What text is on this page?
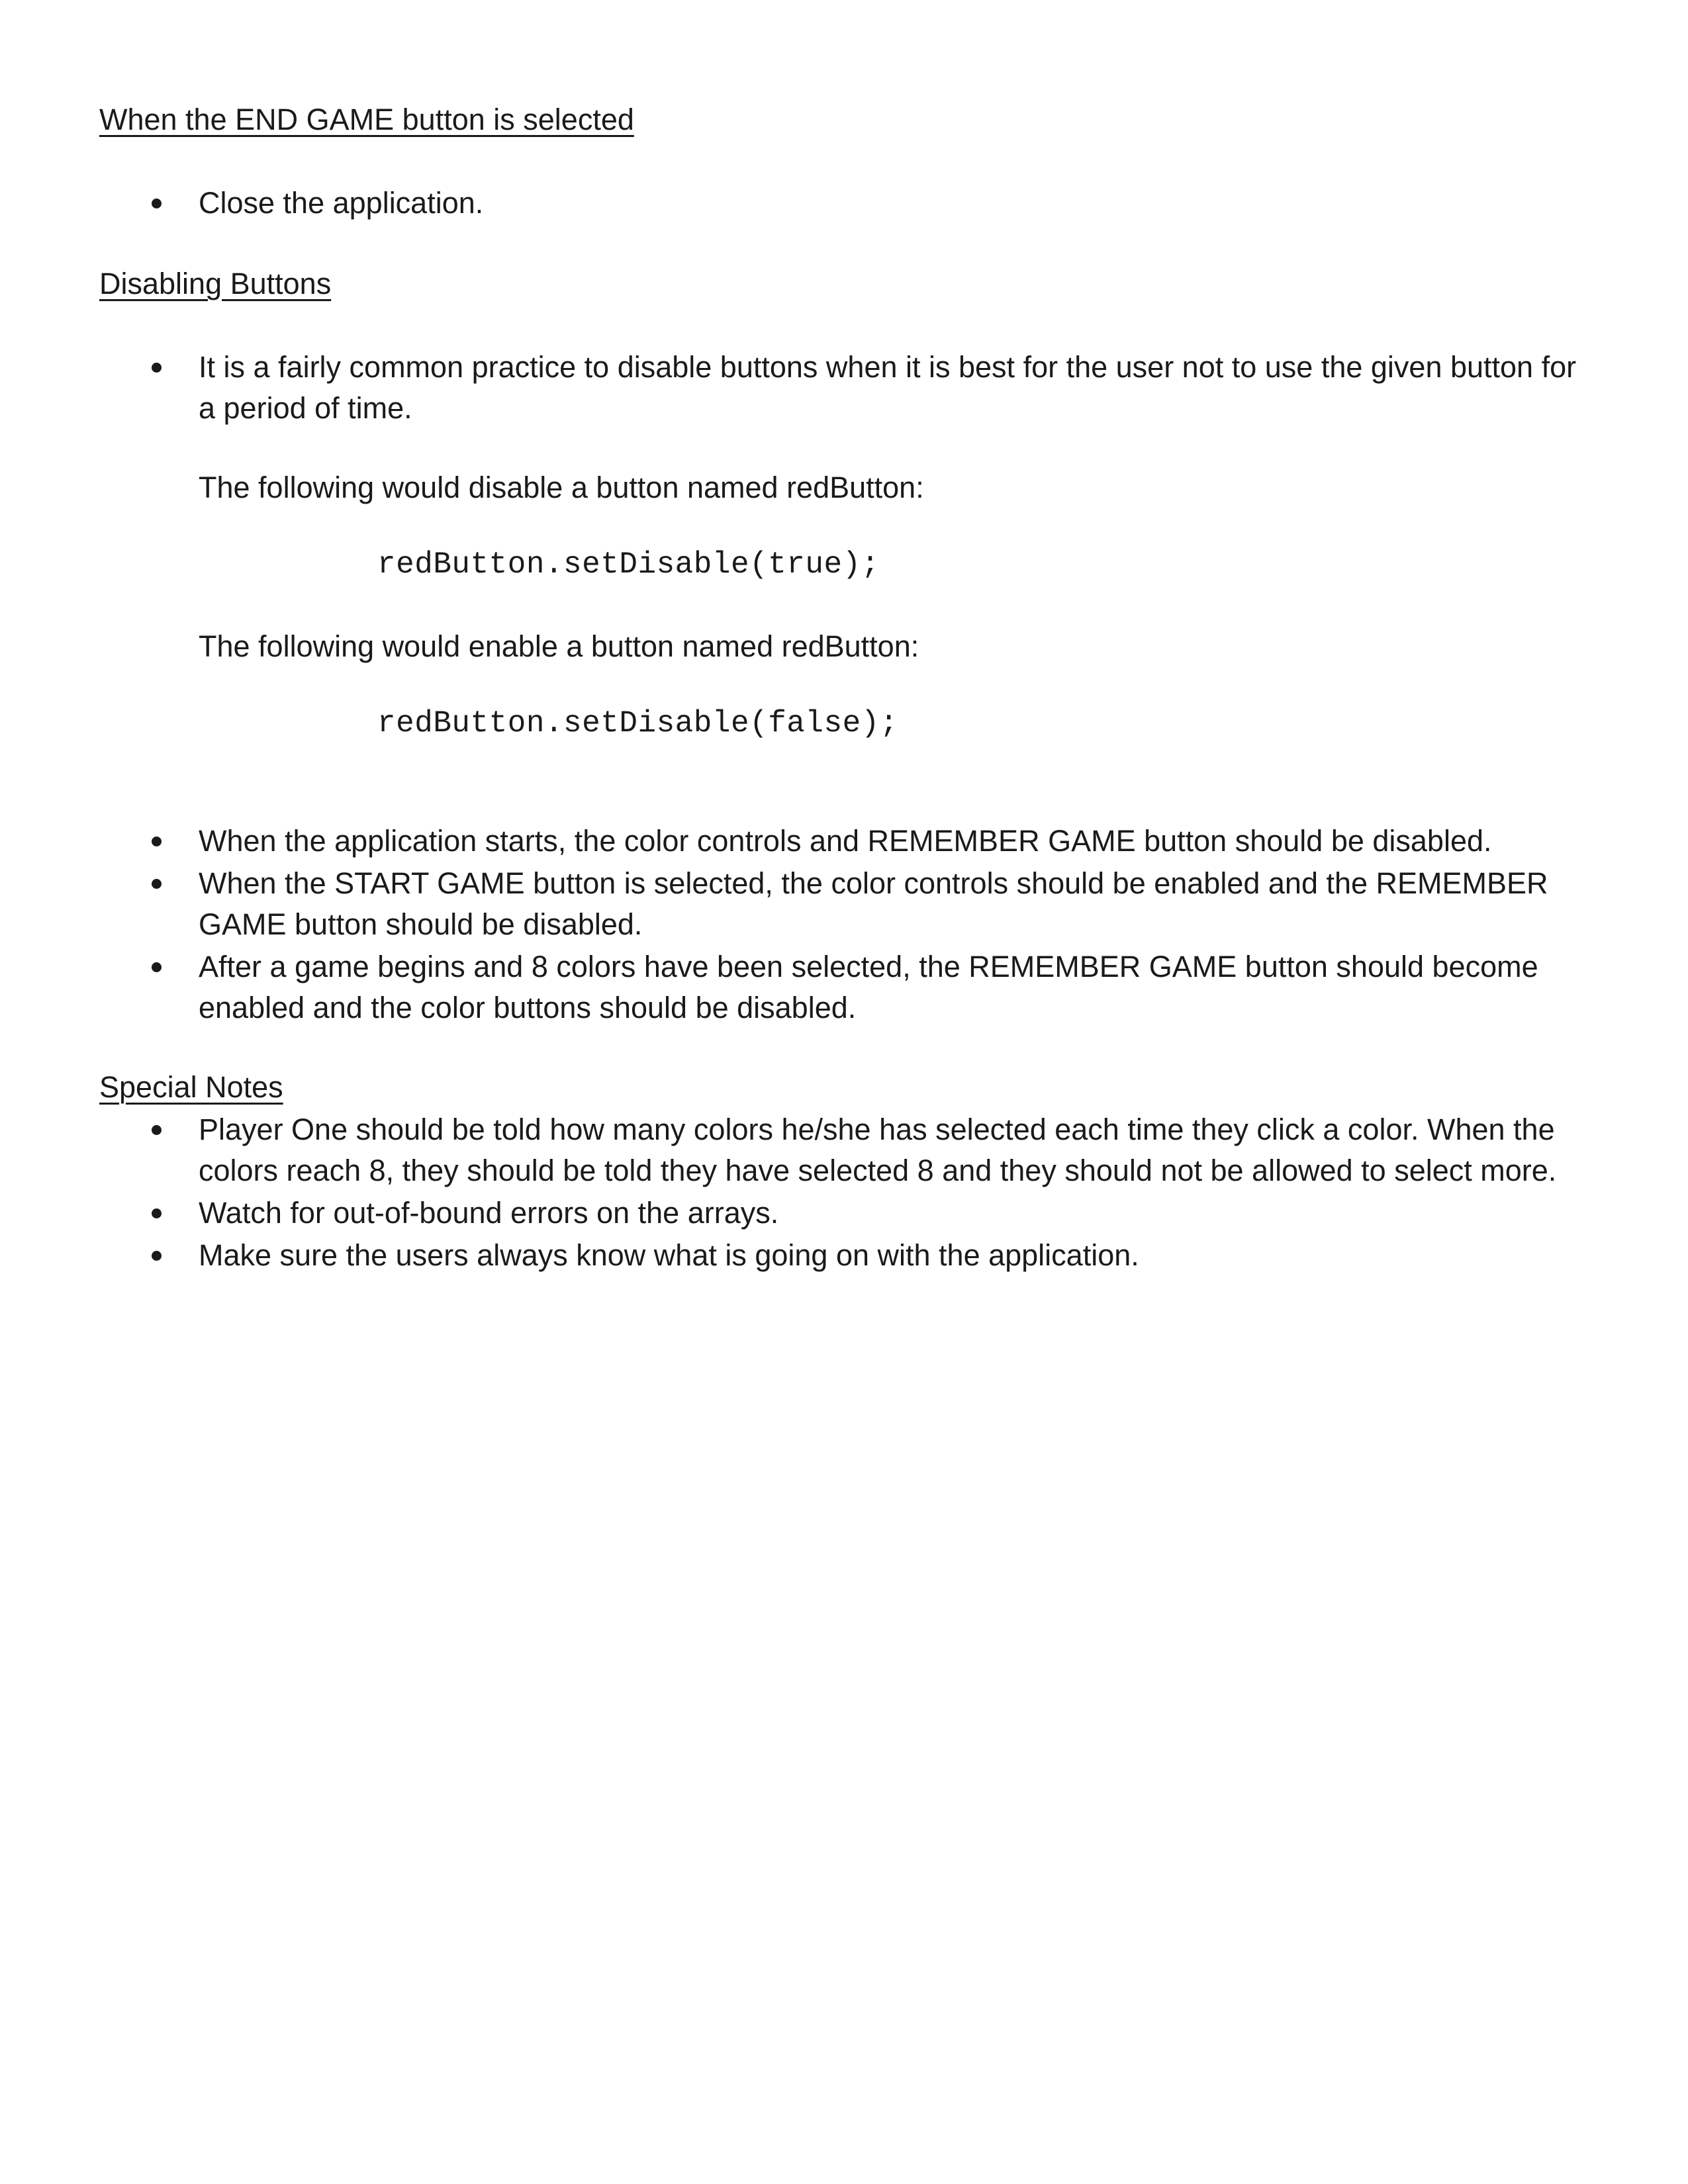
When the END GAME button is selected
Close the application.
Disabling Buttons
It is a fairly common practice to disable buttons when it is best for the user not to use the given button for a period of time.
The following would disable a button named redButton:
redButton.setDisable(true);
The following would enable a button named redButton:
redButton.setDisable(false);
When the application starts, the color controls and REMEMBER GAME button should be disabled.
When the START GAME button is selected, the color controls should be enabled and the REMEMBER GAME button should be disabled.
After a game begins and 8 colors have been selected, the REMEMBER GAME button should become enabled and the color buttons should be disabled.
Special Notes
Player One should be told how many colors he/she has selected each time they click a color. When the colors reach 8, they should be told they have selected 8 and they should not be allowed to select more.
Watch for out-of-bound errors on the arrays.
Make sure the users always know what is going on with the application.
